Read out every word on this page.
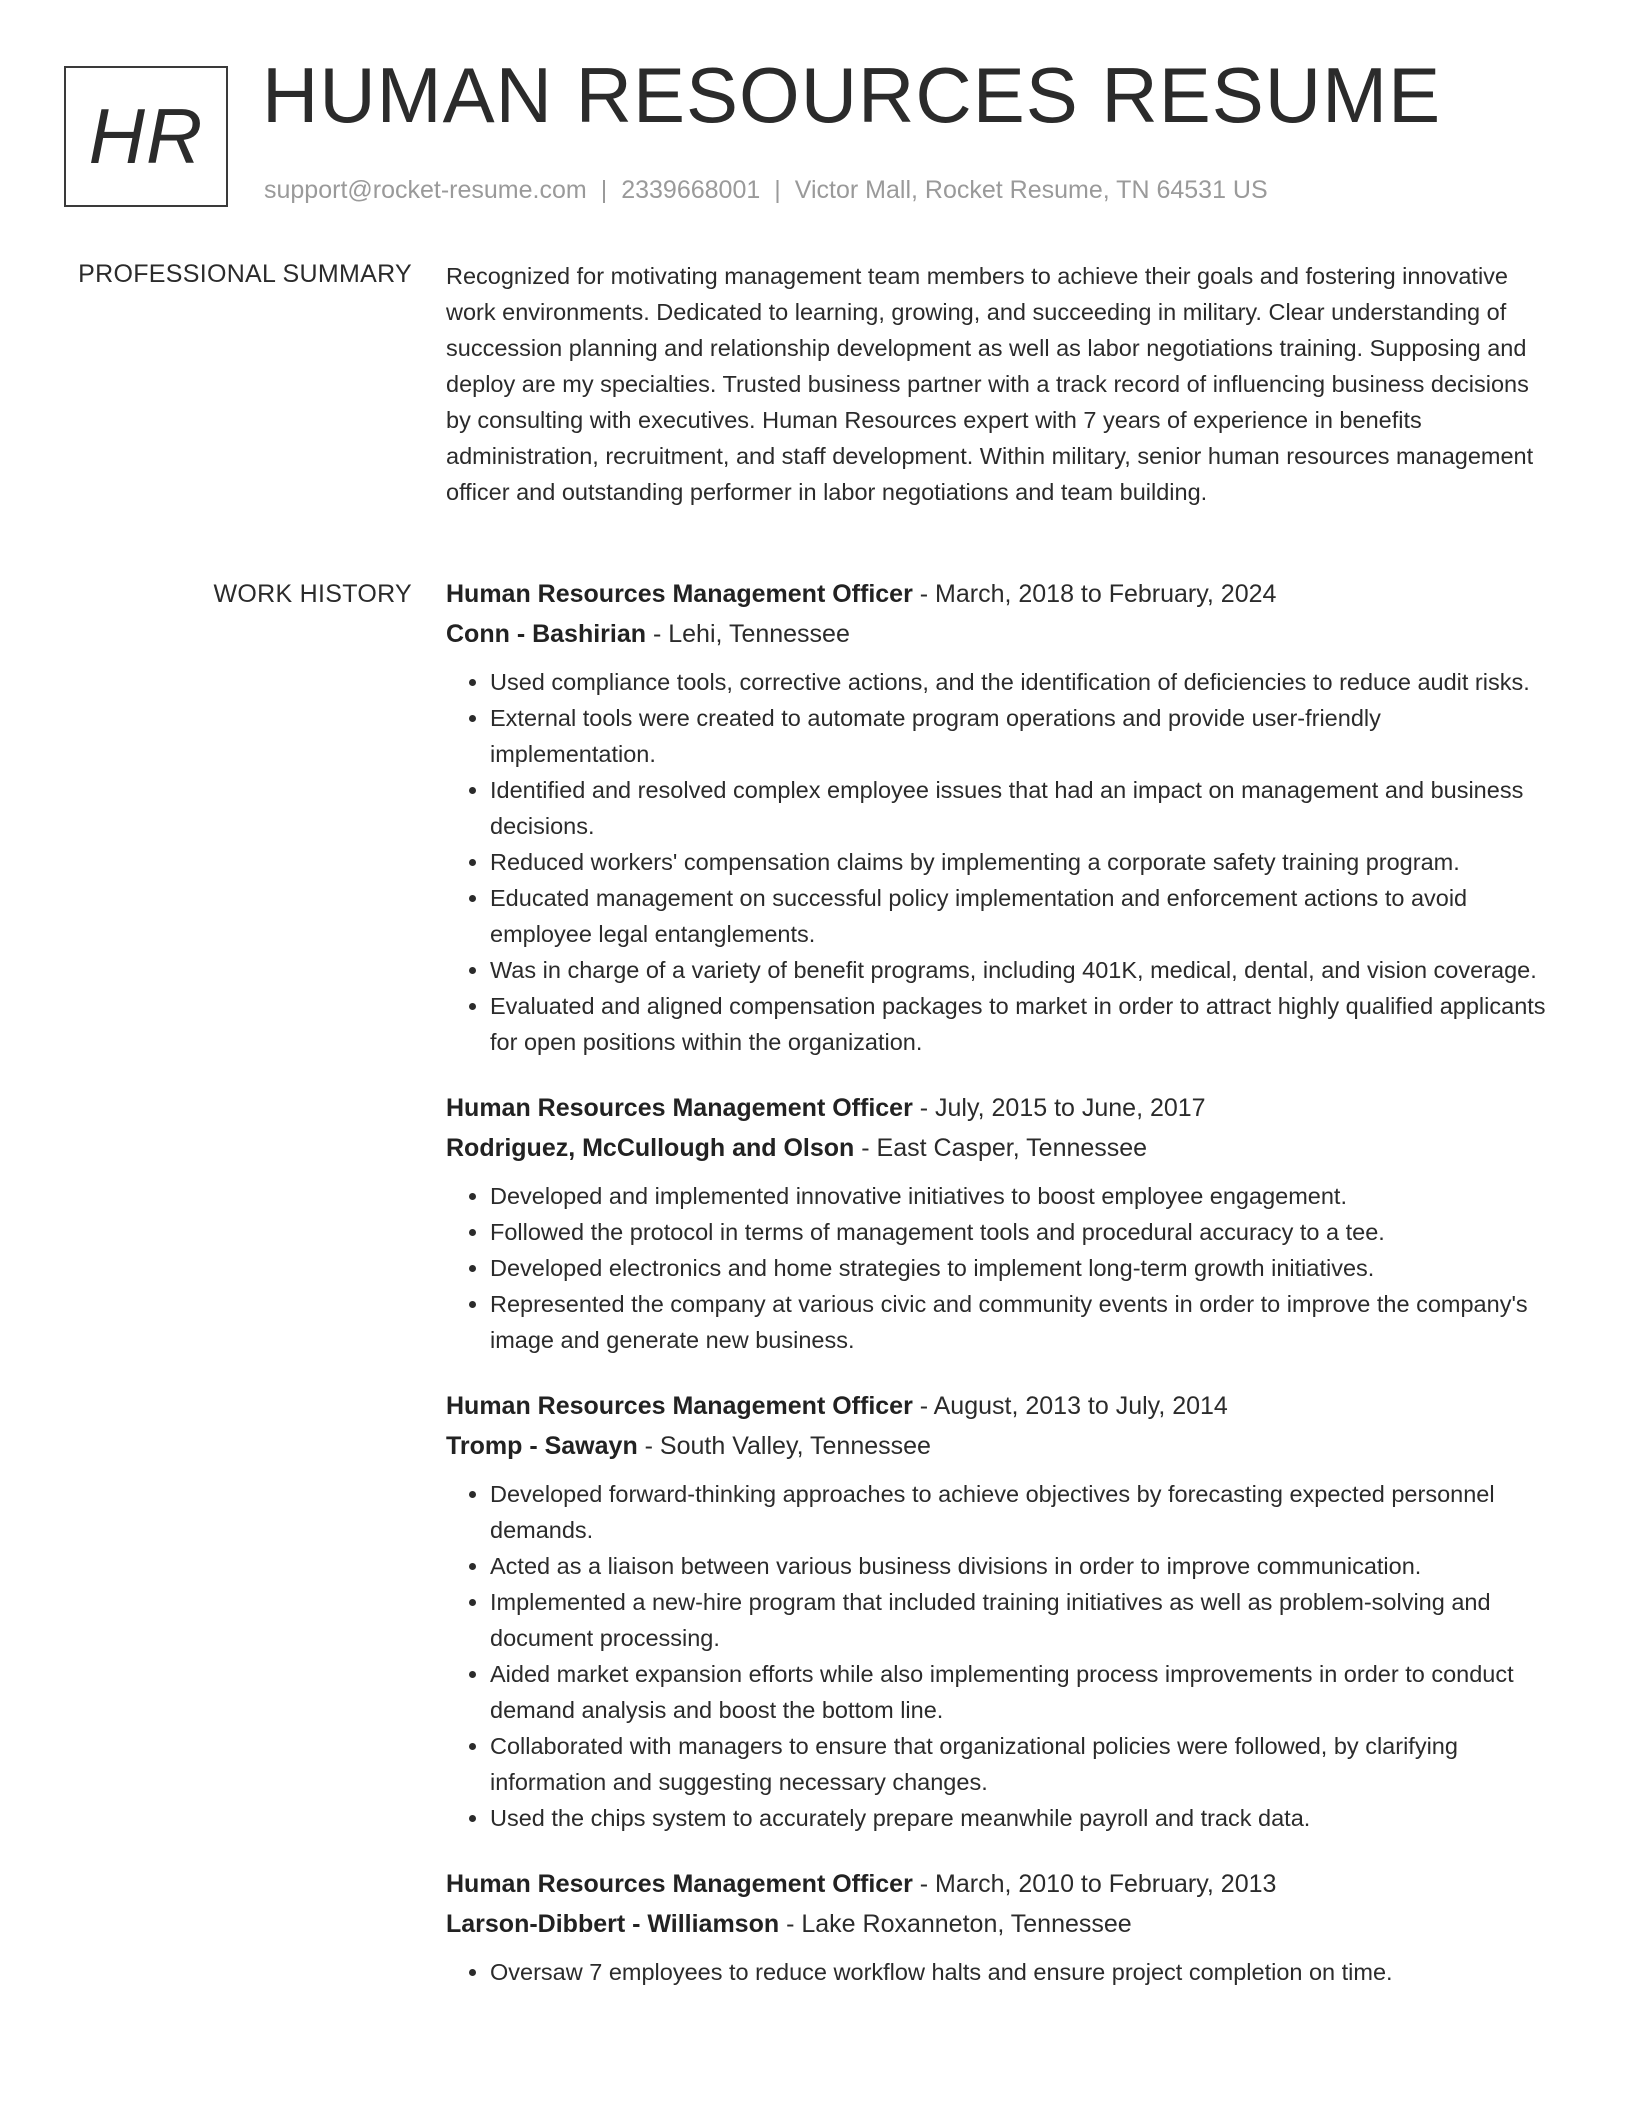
HR HUMAN RESOURCES RESUME
support@rocket-resume.com | 2339668001 | Victor Mall, Rocket Resume, TN 64531 US
PROFESSIONAL SUMMARY Recognized for motivating management team members to achieve their goals and fostering innovative work environments. Dedicated to learning, growing, and succeeding in military. Clear understanding of succession planning and relationship development as well as labor negotiations training. Supposing and deploy are my specialties. Trusted business partner with a track record of influencing business decisions by consulting with executives. Human Resources expert with 7 years of experience in benefits administration, recruitment, and staff development. Within military, senior human resources management officer and outstanding performer in labor negotiations and team building.

WORK HISTORY Human Resources Management Officer - March, 2018 to February, 2024
Conn - Bashirian - Lehi, Tennessee
• Used compliance tools, corrective actions, and the identification of deficiencies to reduce audit risks.
• External tools were created to automate program operations and provide user-friendly implementation.
• Identified and resolved complex employee issues that had an impact on management and business decisions.
• Reduced workers' compensation claims by implementing a corporate safety training program.
• Educated management on successful policy implementation and enforcement actions to avoid employee legal entanglements.
• Was in charge of a variety of benefit programs, including 401K, medical, dental, and vision coverage.
• Evaluated and aligned compensation packages to market in order to attract highly qualified applicants for open positions within the organization.
Human Resources Management Officer - July, 2015 to June, 2017
Rodriguez, McCullough and Olson - East Casper, Tennessee
• Developed and implemented innovative initiatives to boost employee engagement.
• Followed the protocol in terms of management tools and procedural accuracy to a tee.
• Developed electronics and home strategies to implement long-term growth initiatives.
• Represented the company at various civic and community events in order to improve the company's image and generate new business.
Human Resources Management Officer - August, 2013 to July, 2014
Tromp - Sawayn - South Valley, Tennessee
• Developed forward-thinking approaches to achieve objectives by forecasting expected personnel demands.
• Acted as a liaison between various business divisions in order to improve communication.
• Implemented a new-hire program that included training initiatives as well as problem-solving and document processing.
• Aided market expansion efforts while also implementing process improvements in order to conduct demand analysis and boost the bottom line.
• Collaborated with managers to ensure that organizational policies were followed, by clarifying information and suggesting necessary changes.
• Used the chips system to accurately prepare meanwhile payroll and track data.
Human Resources Management Officer - March, 2010 to February, 2013
Larson-Dibbert - Williamson - Lake Roxanneton, Tennessee
• Oversaw 7 employees to reduce workflow halts and ensure project completion on time.
